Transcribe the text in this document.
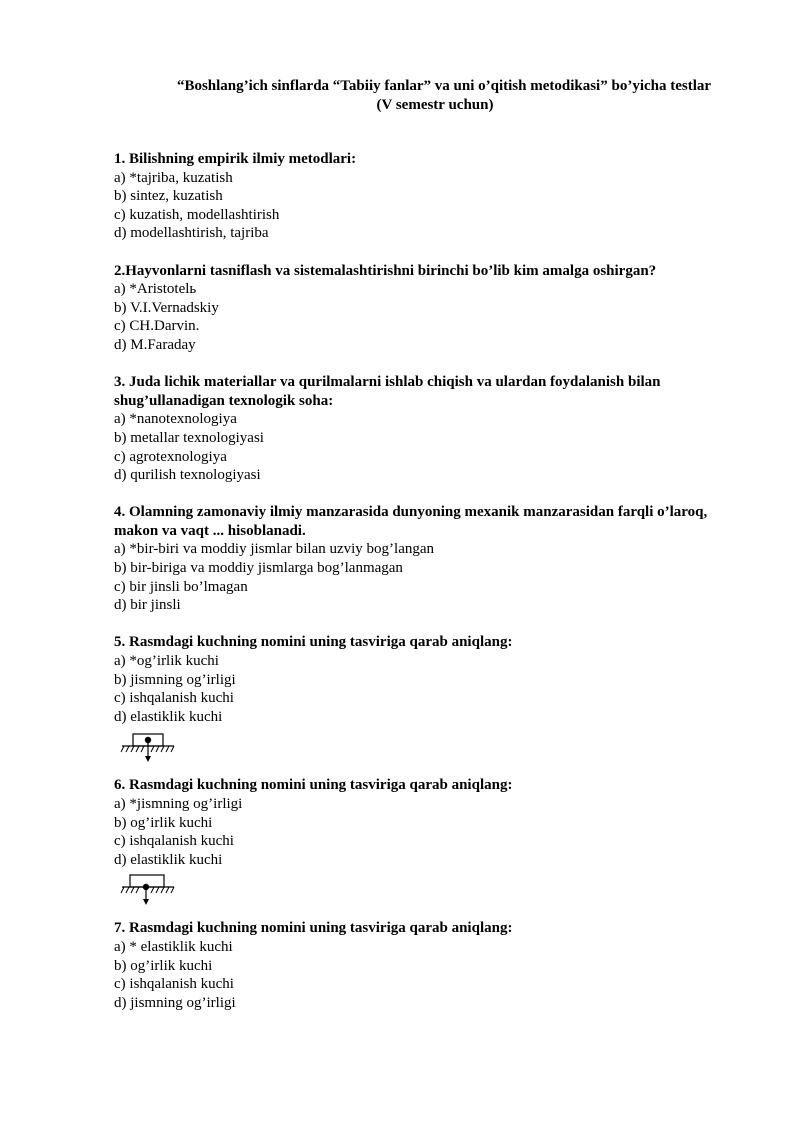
“Boshlang’ich sinflarda “Tabiiy fanlar” va uni o’qitish metodikasi” bo’yicha testlar
(V semestr uchun)
1. Bilishning empirik ilmiy metodlari:
a) *tajriba, kuzatish
b) sintez, kuzatish
c) kuzatish, modellashtirish
d) modellashtirish, tajriba
2.Hayvonlarni tasniflash va sistemalashtirishni birinchi bo’lib kim amalga oshirgan?
a) *Aristotelь
b) V.I.Vernadskiy
c) CH.Darvin.
d) M.Faraday
3. Juda lichik materiallar va qurilmalarni ishlab chiqish va ulardan foydalanish bilan shug’ullanadigan texnologik soha:
a) *nanotexnologiya
b) metallar texnologiyasi
c) agrotexnologiya
d) qurilish texnologiyasi
4. Olamning zamonaviy ilmiy manzarasida dunyoning mexanik manzarasidan farqli o’laroq, makon va vaqt ... hisoblanadi.
a) *bir-biri va moddiy jismlar bilan uzviy bog’langan
b) bir-biriga va moddiy jismlarga bog’lanmagan
c) bir jinsli bo’lmagan
d) bir jinsli
5. Rasmdagi kuchning nomini uning tasviriga qarab aniqlang:
a) *og’irlik kuchi
b) jismning og’irligi
c) ishqalanish kuchi
d) elastiklik kuchi
6. Rasmdagi kuchning nomini uning tasviriga qarab aniqlang:
a) *jismning og’irligi
b) og’irlik kuchi
c) ishqalanish kuchi
d) elastiklik kuchi
7. Rasmdagi kuchning nomini uning tasviriga qarab aniqlang:
a) * elastiklik kuchi
b) og’irlik kuchi
c) ishqalanish kuchi
d) jismning og’irligi
